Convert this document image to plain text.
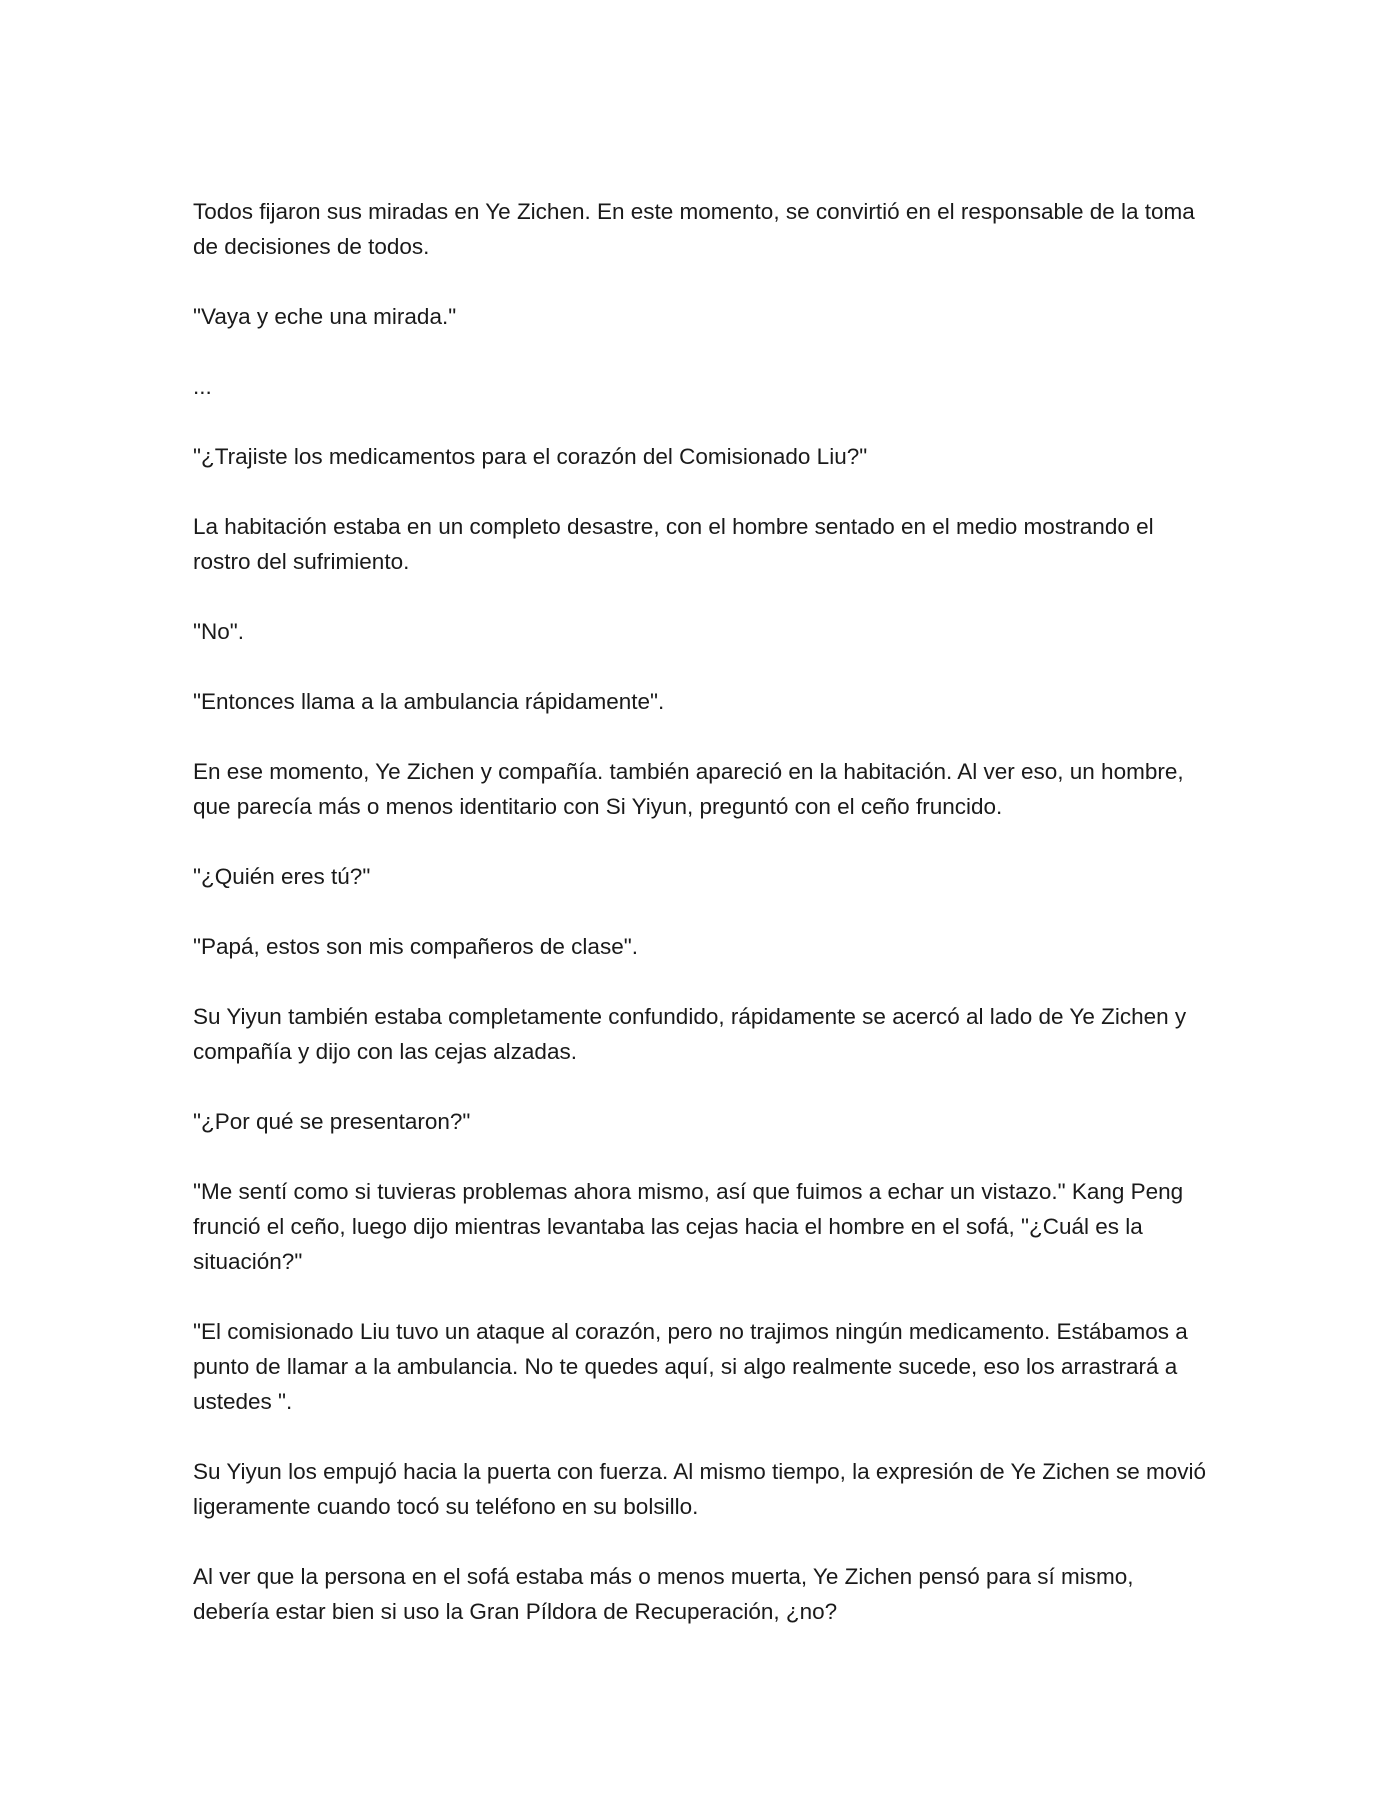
Todos fijaron sus miradas en Ye Zichen. En este momento, se convirtió en el responsable de la toma de decisiones de todos.

"Vaya y eche una mirada."

...

"¿Trajiste los medicamentos para el corazón del Comisionado Liu?"

La habitación estaba en un completo desastre, con el hombre sentado en el medio mostrando el rostro del sufrimiento.

"No".

"Entonces llama a la ambulancia rápidamente".

En ese momento, Ye Zichen y compañía. también apareció en la habitación. Al ver eso, un hombre, que parecía más o menos identitario con Si Yiyun, preguntó con el ceño fruncido.

"¿Quién eres tú?"

"Papá, estos son mis compañeros de clase".

Su Yiyun también estaba completamente confundido, rápidamente se acercó al lado de Ye Zichen y compañía y dijo con las cejas alzadas.

"¿Por qué se presentaron?"

"Me sentí como si tuvieras problemas ahora mismo, así que fuimos a echar un vistazo." Kang Peng frunció el ceño, luego dijo mientras levantaba las cejas hacia el hombre en el sofá, "¿Cuál es la situación?"

"El comisionado Liu tuvo un ataque al corazón, pero no trajimos ningún medicamento. Estábamos a punto de llamar a la ambulancia. No te quedes aquí, si algo realmente sucede, eso los arrastrará a ustedes ".

Su Yiyun los empujó hacia la puerta con fuerza. Al mismo tiempo, la expresión de Ye Zichen se movió ligeramente cuando tocó su teléfono en su bolsillo.

Al ver que la persona en el sofá estaba más o menos muerta, Ye Zichen pensó para sí mismo, debería estar bien si uso la Gran Píldora de Recuperación, ¿no?
